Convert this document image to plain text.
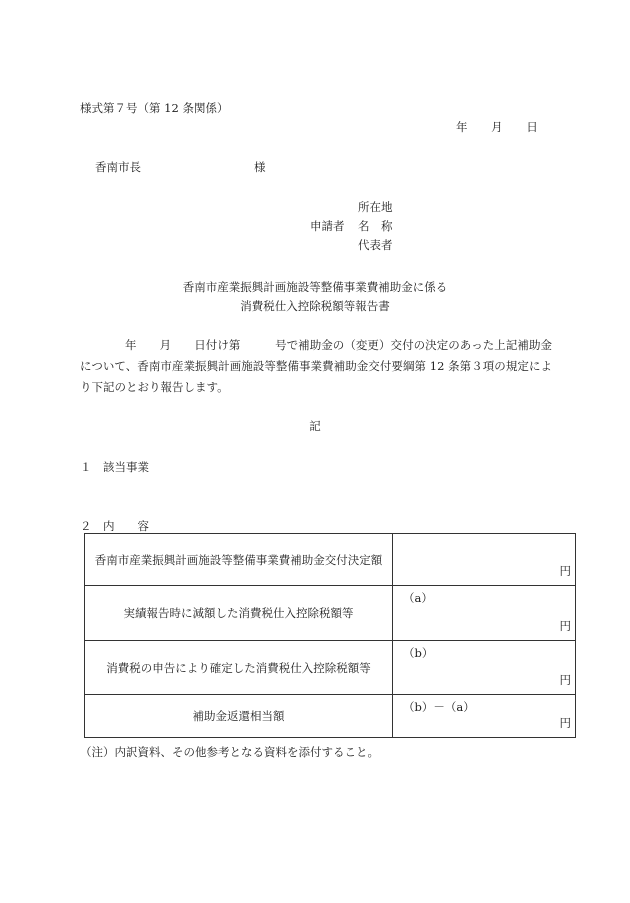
様式第７号（第 12 条関係）
年 月 日
香南市長	様
所在地
申請者 名　称
代表者
香南市産業振興計画施設等整備事業費補助金に係る
消費税仕入控除税額等報告書
年　　月　　日付け第　　　号で補助金の（変更）交付の決定のあった上記補助金について、香南市産業振興計画施設等整備事業費補助金交付要綱第 12 条第３項の規定により下記のとおり報告します。
記
１　該当事業
２　内　　容
香南市産業振興計画施設等整備事業費補助金交付決定額	円

実績報告時に減額した消費税仕入控除税額等	（a）
円

消費税の申告により確定した消費税仕入控除税額等	（b）
円

補助金返還相当額	（b）－（a）
円
（注）内訳資料、その他参考となる資料を添付すること。
